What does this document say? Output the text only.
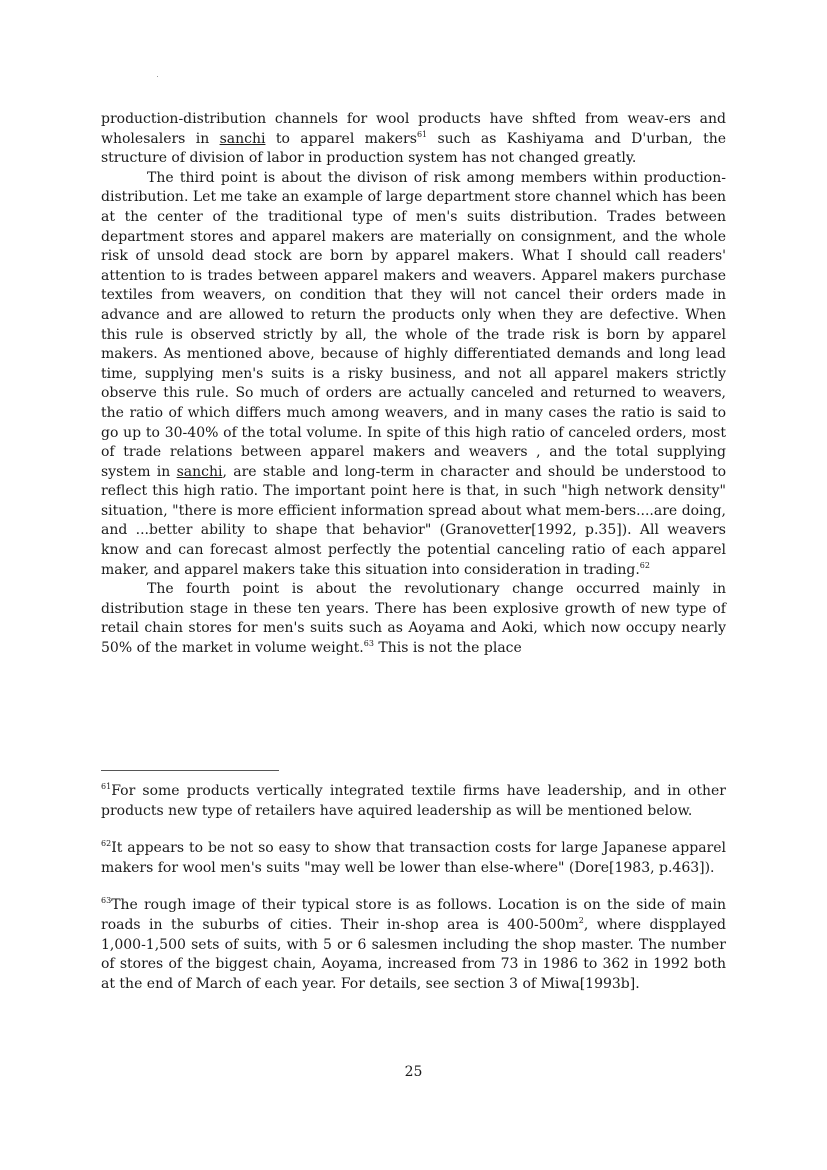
production-distribution channels for wool products have shfted from weav-ers and wholesalers in sanchi to apparel makers$^{61}$ such as Kashiyama and D'urban, the structure of division of labor in production system has not changed greatly.

The third point is about the divison of risk among members within production-distribution. Let me take an example of large department store channel which has been at the center of the traditional type of men's suits distribution. Trades between department stores and apparel makers are materially on consignment, and the whole risk of unsold dead stock are born by apparel makers. What I should call readers' attention to is trades between apparel makers and weavers. Apparel makers purchase textiles from weavers, on condition that they will not cancel their orders made in advance and are allowed to return the products only when they are defective. When this rule is observed strictly by all, the whole of the trade risk is born by apparel makers. As mentioned above, because of highly differentiated demands and long lead time, supplying men's suits is a risky business, and not all apparel makers strictly observe this rule. So much of orders are actually canceled and returned to weavers, the ratio of which differs much among weavers, and in many cases the ratio is said to go up to 30-40% of the total volume. In spite of this high ratio of canceled orders, most of trade relations between apparel makers and weavers , and the total supplying system in sanchi, are stable and long-term in character and should be understood to reflect this high ratio. The important point here is that, in such "high network density" situation, "there is more efficient information spread about what mem-bers....are doing, and ...better ability to shape that behavior" (Granovetter[1992, p.35]). All weavers know and can forecast almost perfectly the potential canceling ratio of each apparel maker, and apparel makers take this situation into consideration in trading.$^{62}$

The fourth point is about the revolutionary change occurred mainly in distribution stage in these ten years. There has been explosive growth of new type of retail chain stores for men's suits such as Aoyama and Aoki, which now occupy nearly 50% of the market in volume weight.$^{63}$ This is not the place

$^{61}$For some products vertically integrated textile firms have leadership, and in other products new type of retailers have aquired leadership as will be mentioned below.

$^{62}$It appears to be not so easy to show that transaction costs for large Japanese apparel makers for wool men's suits "may well be lower than else-where" (Dore[1983, p.463]).

$^{63}$The rough image of their typical store is as follows. Location is on the side of main roads in the suburbs of cities. Their in-shop area is $400-500m^2$, where dispplayed 1,000-1,500 sets of suits, with 5 or 6 salesmen including the shop master. The number of stores of the biggest chain, Aoyama, increased from 73 in 1986 to 362 in 1992 both at the end of March of each year. For details, see section 3 of Miwa[1993b].

25
